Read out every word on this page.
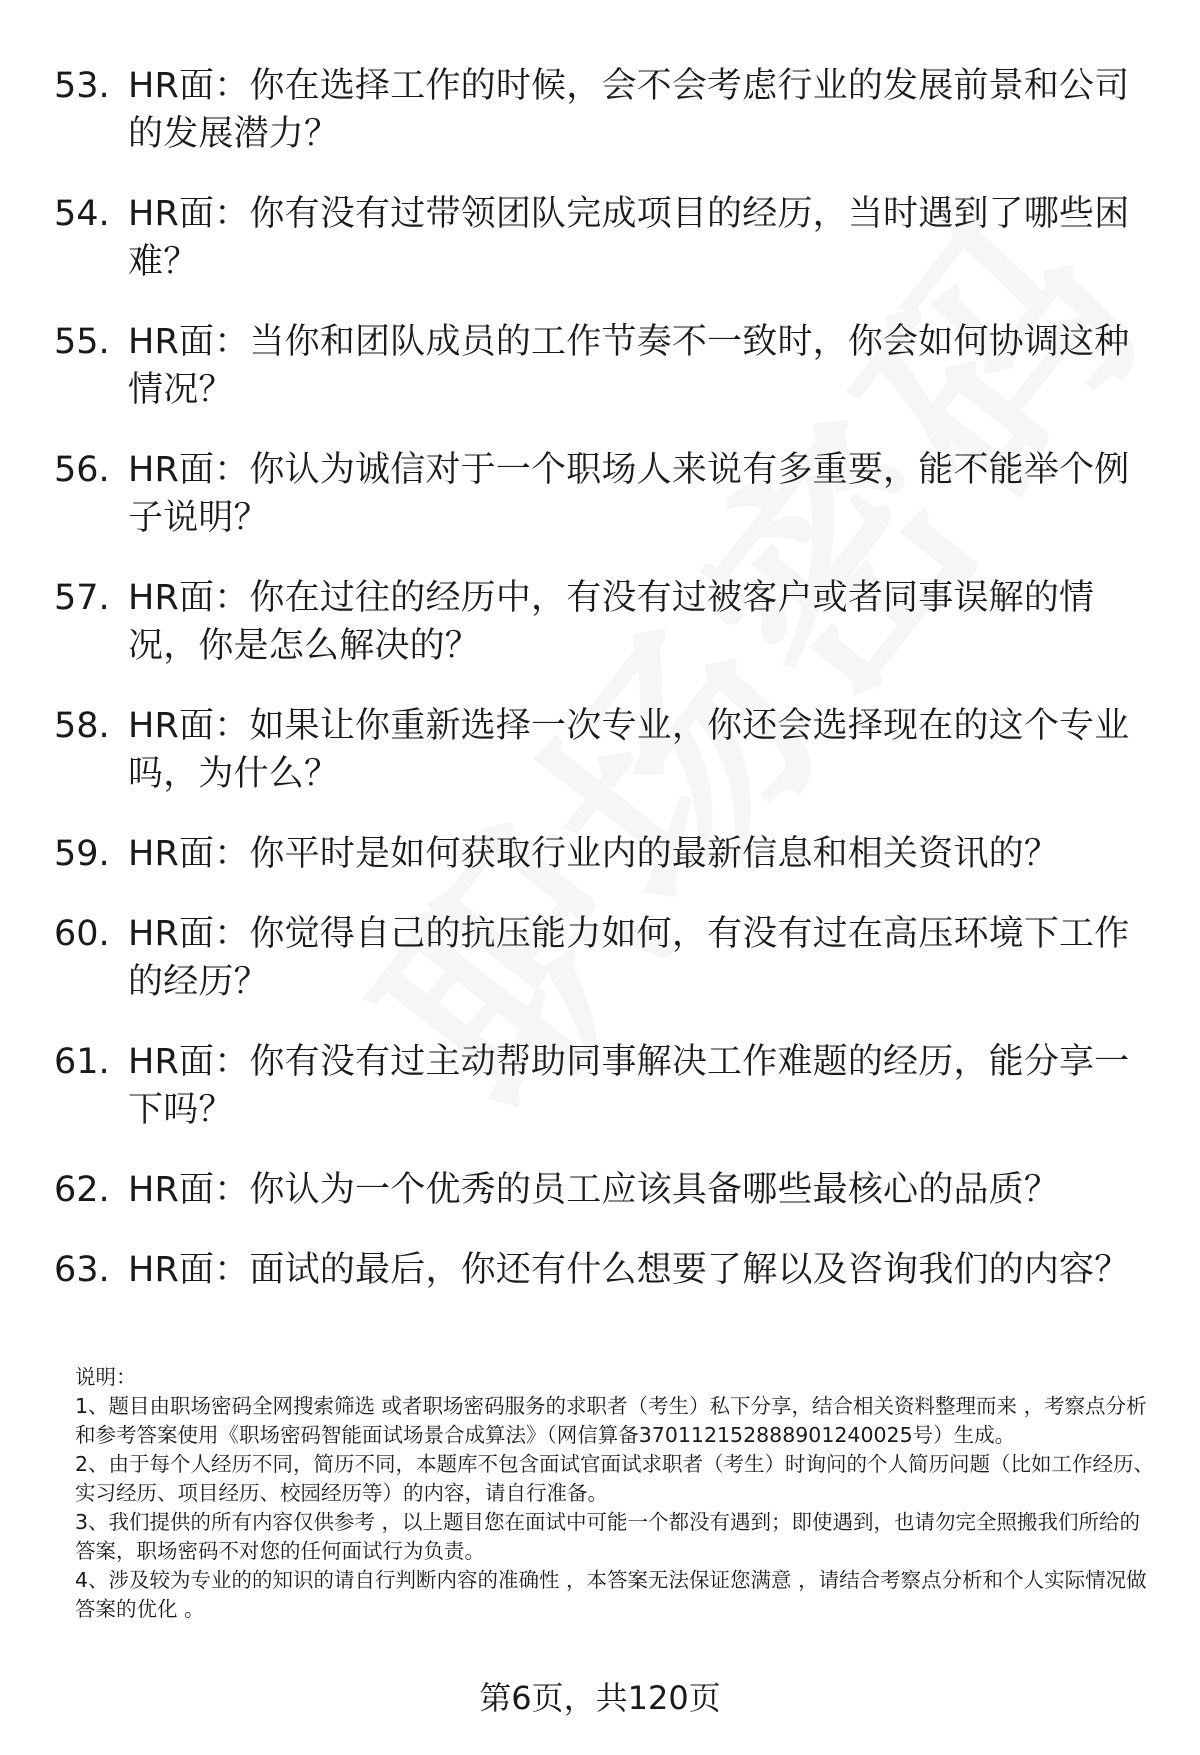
53. HR面：你在选择工作的时候，会不会考虑行业的发展前景和公司的发展潜力？
54. HR面：你有没有过带领团队完成项目的经历，当时遇到了哪些困难？
55. HR面：当你和团队成员的工作节奏不一致时，你会如何协调这种情况？
56. HR面：你认为诚信对于一个职场人来说有多重要，能不能举个例子说明？
57. HR面：你在过往的经历中，有没有过被客户或者同事误解的情况，你是怎么解决的？
58. HR面：如果让你重新选择一次专业，你还会选择现在的这个专业吗，为什么？
59. HR面：你平时是如何获取行业内的最新信息和相关资讯的？
60. HR面：你觉得自己的抗压能力如何，有没有过在高压环境下工作的经历？
61. HR面：你有没有过主动帮助同事解决工作难题的经历，能分享一下吗？
62. HR面：你认为一个优秀的员工应该具备哪些最核心的品质？
63. HR面：面试的最后，你还有什么想要了解以及咨询我们的内容？

说明：

1、题目由职场密码全网搜索筛选 或者职场密码服务的求职者（考生）私下分享，结合相关资料整理而来 ，考察点分析和参考答案使用《职场密码智能面试场景合成算法》（网信算备370112152888901240025号）生成。

2、由于每个人经历不同，简历不同，本题库不包含面试官面试求职者（考生）时询问的个人简历问题（比如工作经历、实习经历、项目经历、校园经历等）的内容，请自行准备。

3、我们提供的所有内容仅供参考 ，以上题目您在面试中可能一个都没有遇到；即使遇到，也请勿完全照搬我们所给的答案，职场密码不对您的任何面试行为负责。

4、涉及较为专业的的知识的请自行判断内容的准确性 ，本答案无法保证您满意 ，请结合考察点分析和个人实际情况做答案的优化 。

第6页，共120页
